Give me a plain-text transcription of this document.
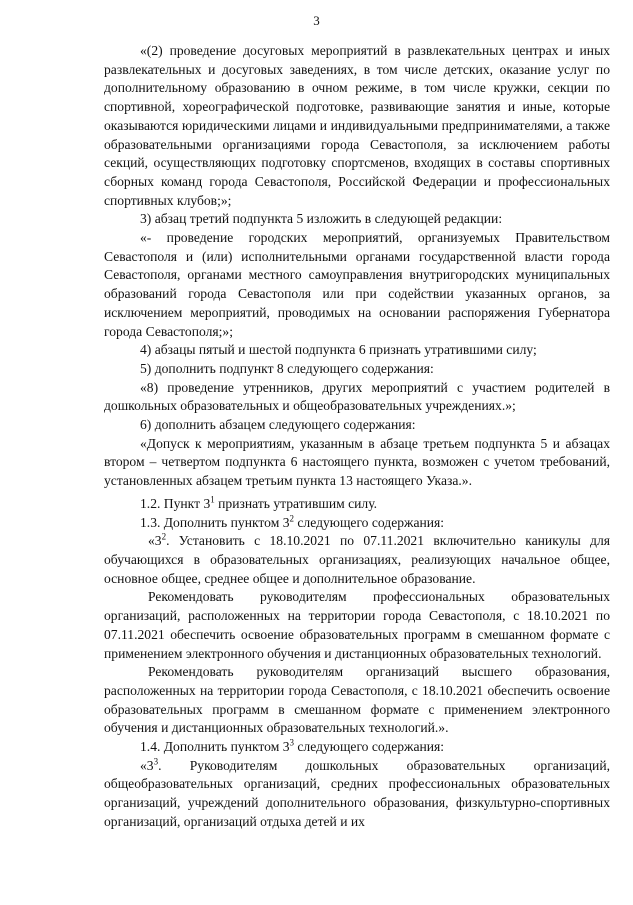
3

«(2) проведение досуговых мероприятий в развлекательных центрах и иных развлекательных и досуговых заведениях, в том числе детских, оказание услуг по дополнительному образованию в очном режиме, в том числе кружки, секции по спортивной, хореографической подготовке, развивающие занятия и иные, которые оказываются юридическими лицами и индивидуальными предпринимателями, а также образовательными организациями города Севастополя, за исключением работы секций, осуществляющих подготовку спортсменов, входящих в составы спортивных сборных команд города Севастополя, Российской Федерации и профессиональных спортивных клубов;»;

3) абзац третий подпункта 5 изложить в следующей редакции:

«- проведение городских мероприятий, организуемых Правительством Севастополя и (или) исполнительными органами государственной власти города Севастополя, органами местного самоуправления внутригородских муниципальных образований города Севастополя или при содействии указанных органов, за исключением мероприятий, проводимых на основании распоряжения Губернатора города Севастополя;»;

4) абзацы пятый и шестой подпункта 6 признать утратившими силу;

5) дополнить подпункт 8 следующего содержания:

«8) проведение утренников, других мероприятий с участием родителей в дошкольных образовательных и общеобразовательных учреждениях.»;

6) дополнить абзацем следующего содержания:

«Допуск к мероприятиям, указанным в абзаце третьем подпункта 5 и абзацах втором – четвертом подпункта 6 настоящего пункта, возможен с учетом требований, установленных абзацем третьим пункта 13 настоящего Указа.».

1.2. Пункт $3^1$ признать утратившим силу.

1.3. Дополнить пунктом $3^2$ следующего содержания:

«$3^2$. Установить с 18.10.2021 по 07.11.2021 включительно каникулы для обучающихся в образовательных организациях, реализующих начальное общее, основное общее, среднее общее и дополнительное образование.

Рекомендовать руководителям профессиональных образовательных организаций, расположенных на территории города Севастополя, с 18.10.2021 по 07.11.2021 обеспечить освоение образовательных программ в смешанном формате с применением электронного обучения и дистанционных образовательных технологий.

Рекомендовать руководителям организаций высшего образования, расположенных на территории города Севастополя, с 18.10.2021 обеспечить освоение образовательных программ в смешанном формате с применением электронного обучения и дистанционных образовательных технологий.».

1.4. Дополнить пунктом $3^3$ следующего содержания:

«$3^3$. Руководителям дошкольных образовательных организаций, общеобразовательных организаций, средних профессиональных образовательных организаций, учреждений дополнительного образования, физкультурно-спортивных организаций, организаций отдыха детей и их
